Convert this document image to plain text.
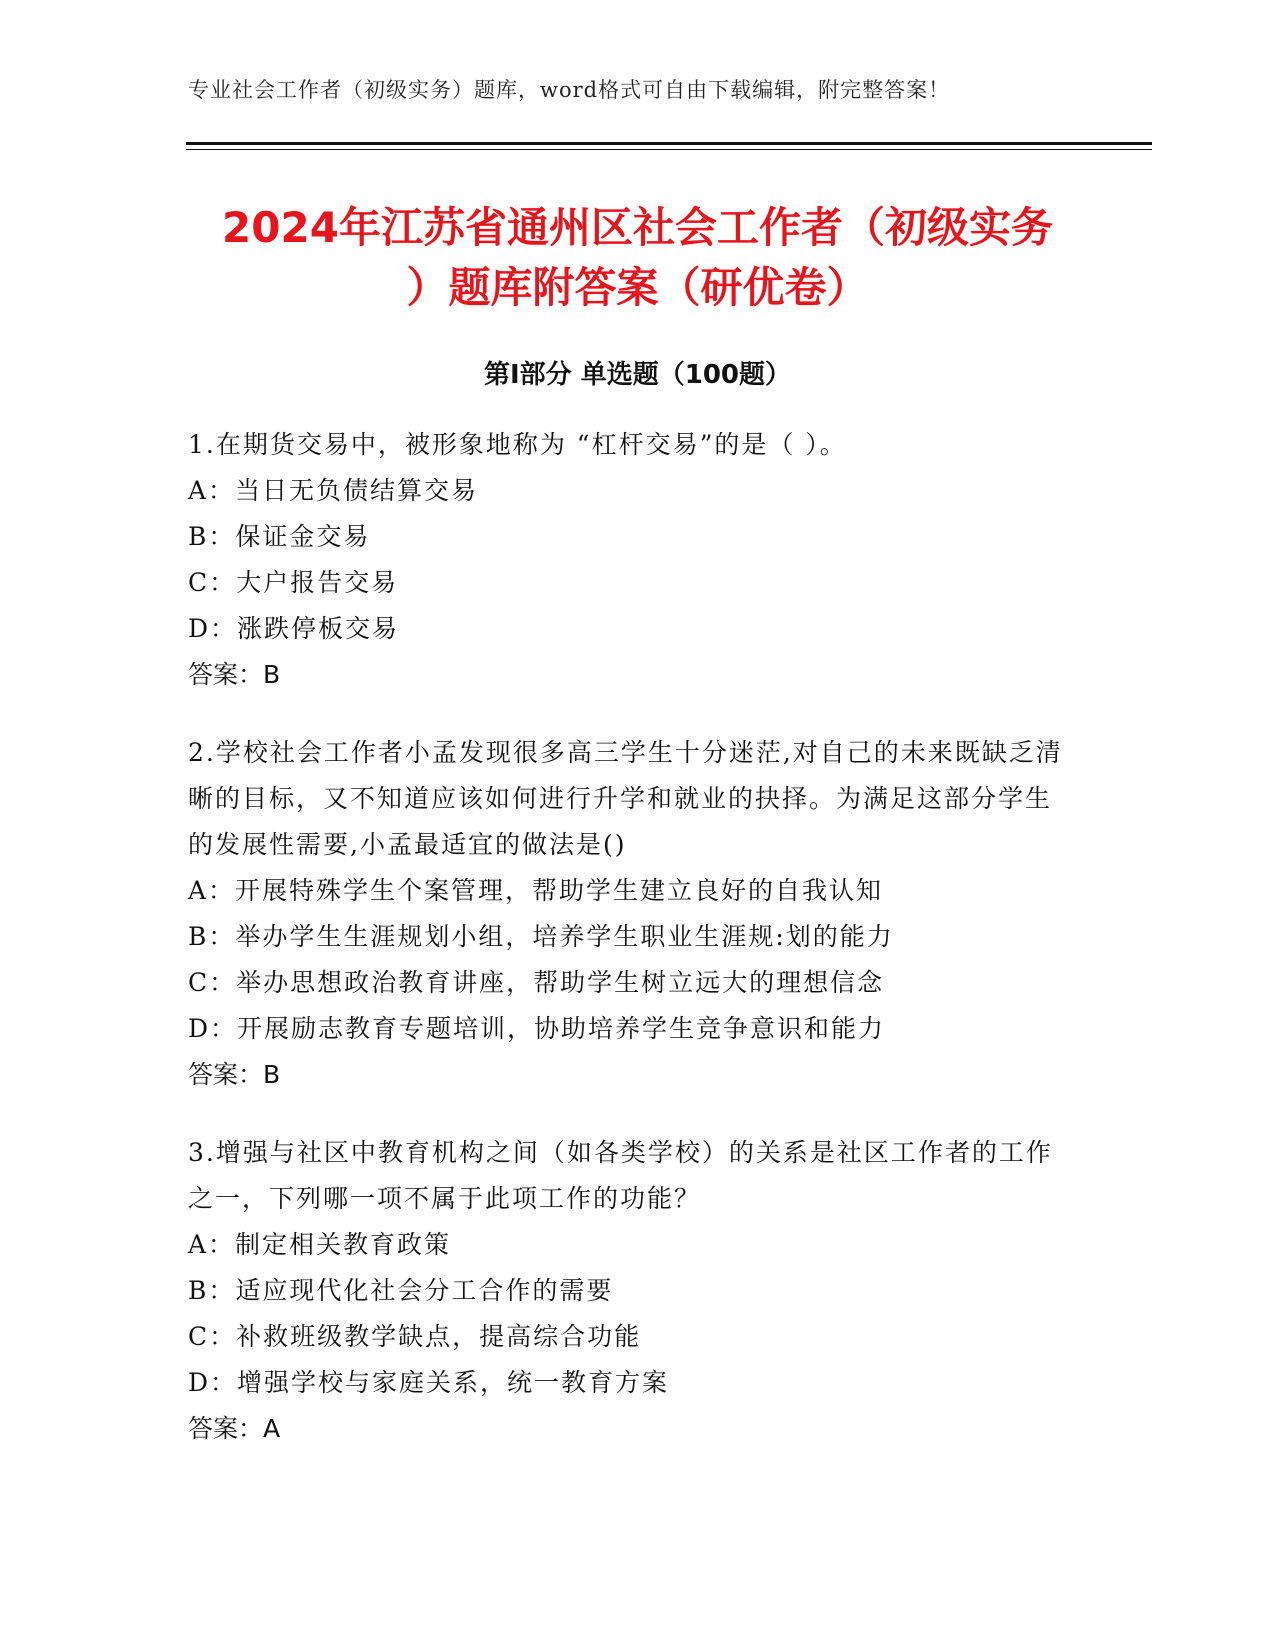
专业社会工作者（初级实务）题库，word格式可自由下载编辑，附完整答案！
2024年江苏省通州区社会工作者（初级实务
）题库附答案（研优卷）
第Ⅰ部分 单选题（100题）

1.在期货交易中，被形象地称为 “杠杆交易”的是（ ）。

A：当日无负债结算交易

B：保证金交易

C：大户报告交易

D：涨跌停板交易

答案：B

2.学校社会工作者小孟发现很多高三学生十分迷茫,对自己的未来既缺乏清晰的目标，又不知道应该如何进行升学和就业的抉择。为满足这部分学生的发展性需要,小孟最适宜的做法是()

A：开展特殊学生个案管理，帮助学生建立良好的自我认知

B：举办学生生涯规划小组，培养学生职业生涯规:划的能力

C：举办思想政治教育讲座，帮助学生树立远大的理想信念

D：开展励志教育专题培训，协助培养学生竞争意识和能力

答案：B

3.增强与社区中教育机构之间（如各类学校）的关系是社区工作者的工作之一，下列哪一项不属于此项工作的功能？

A：制定相关教育政策

B：适应现代化社会分工合作的需要

C：补救班级教学缺点，提高综合功能

D：增强学校与家庭关系，统一教育方案

答案：A
